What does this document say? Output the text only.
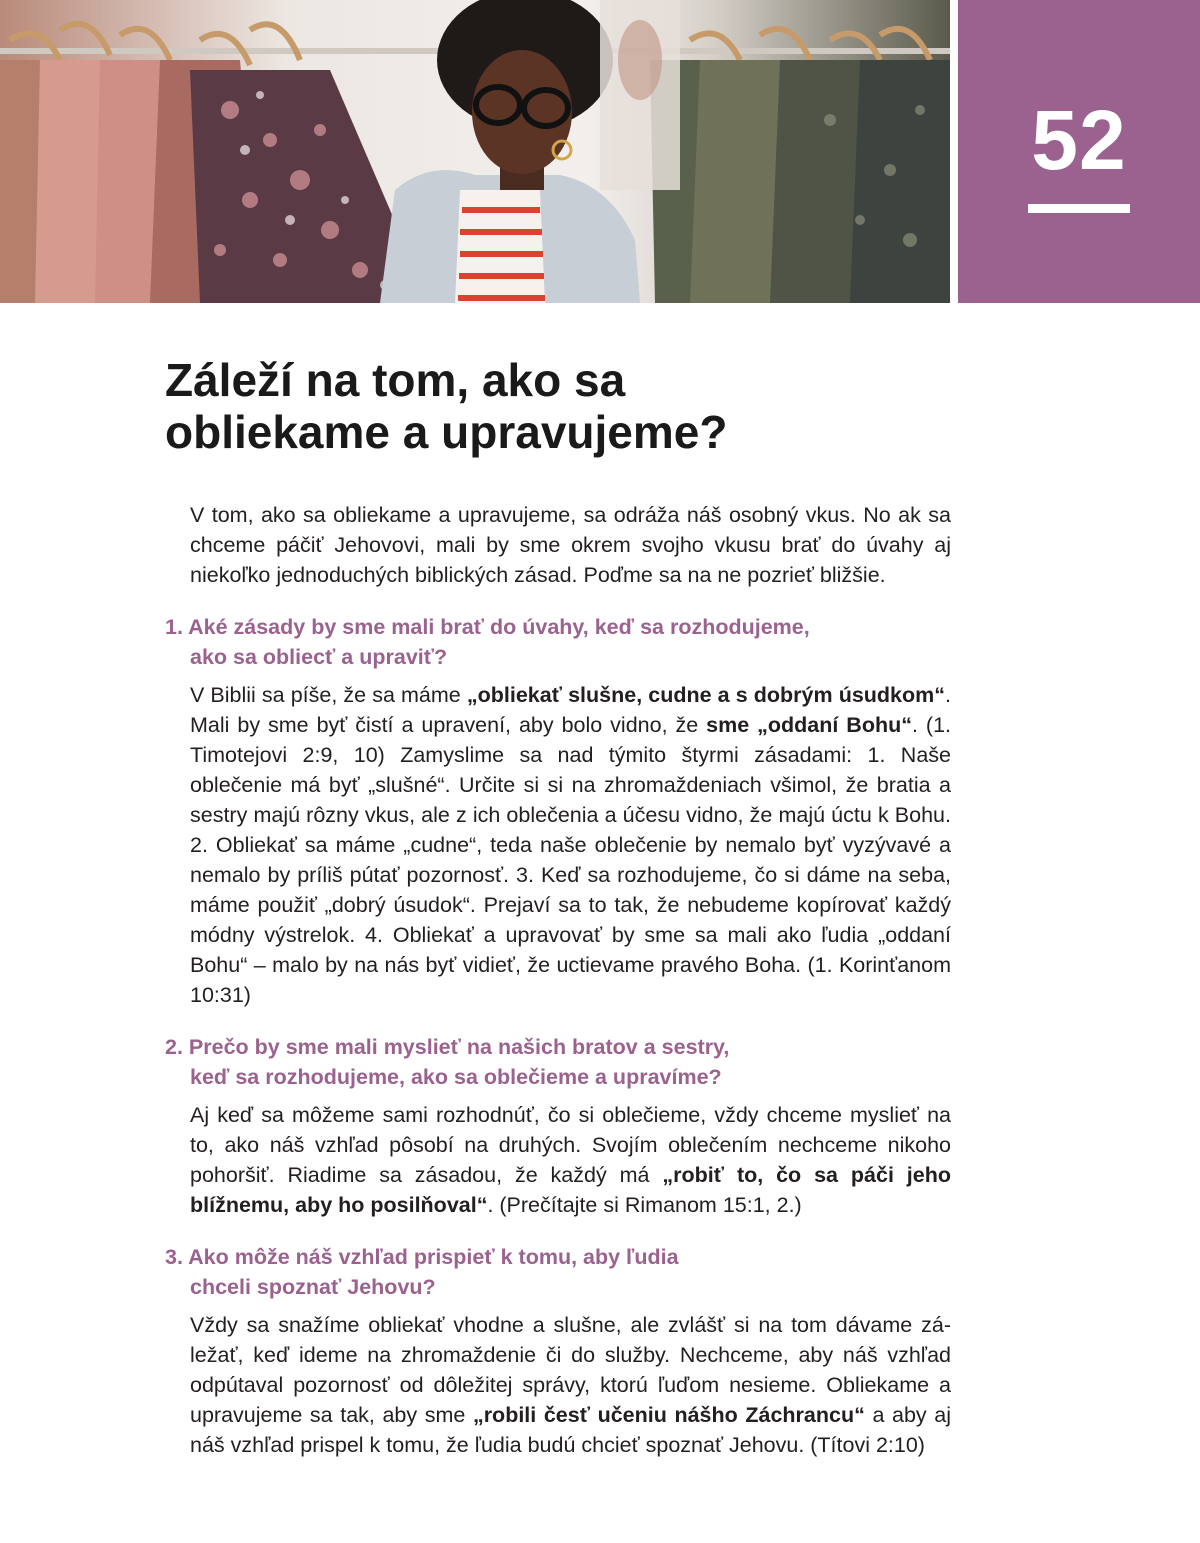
52
Záleží na tom, ako sa
obliekame a upravujeme?

V tom, ako sa obliekame a upravujeme, sa odráža náš osobný vkus. No ak sa chceme páčiť Jehovovi, mali by sme okrem svojho vkusu brať do úvahy aj niekoľko jednoduchých biblických zásad. Poďme sa na ne pozrieť bližšie.

1. Aké zásady by sme mali brať do úvahy, keď sa rozhodujeme,
ako sa obliecť a upraviť?

V Biblii sa píše, že sa máme „obliekať slušne, cudne a s dobrým úsudkom“. Mali by sme byť čistí a upravení, aby bolo vidno, že sme „oddaní Bohu“. (1. Timotejovi 2:9, 10) Zamyslime sa nad týmito štyrmi zásadami: 1. Naše oblečenie má byť „slušné“. Určite si si na zhromaždeniach všimol, že bratia a sestry majú rôzny vkus, ale z ich oblečenia a účesu vidno, že majú úctu k Bohu. 2. Obliekať sa máme „cudne“, teda naše oblečenie by nemalo byť vyzývavé a nemalo by príliš pútať pozornosť. 3. Keď sa rozhodujeme, čo si dáme na seba, máme použiť „dobrý úsudok“. Prejaví sa to tak, že nebudeme kopírovať každý módny výstrelok. 4. Obliekať a upravovať by sme sa mali ako ľudia „oddaní Bohu“ – malo by na nás byť vidieť, že uctievame pravého Boha. (1. Korinťanom 10:31)

2. Prečo by sme mali myslieť na našich bratov a sestry,
keď sa rozhodujeme, ako sa oblečieme a upravíme?

Aj keď sa môžeme sami rozhodnúť, čo si oblečieme, vždy chceme myslieť na to, ako náš vzhľad pôsobí na druhých. Svojím oblečením nechceme nikoho pohoršiť. Riadime sa zásadou, že každý má „robiť to, čo sa páči jeho blížnemu, aby ho posilňoval“. (Prečítajte si Rimanom 15:1, 2.)

3. Ako môže náš vzhľad prispieť k tomu, aby ľudia
chceli spoznať Jehovu?

Vždy sa snažíme obliekať vhodne a slušne, ale zvlášť si na tom dávame záležať, keď ideme na zhromaždenie či do služby. Nechceme, aby náš vzhľad odpútaval pozornosť od dôležitej správy, ktorú ľuďom nesieme. Obliekame a upravujeme sa tak, aby sme „robili česť učeniu nášho Záchrancu“ a aby aj náš vzhľad prispel k tomu, že ľudia budú chcieť spoznať Jehovu. (Títovi 2:10)
